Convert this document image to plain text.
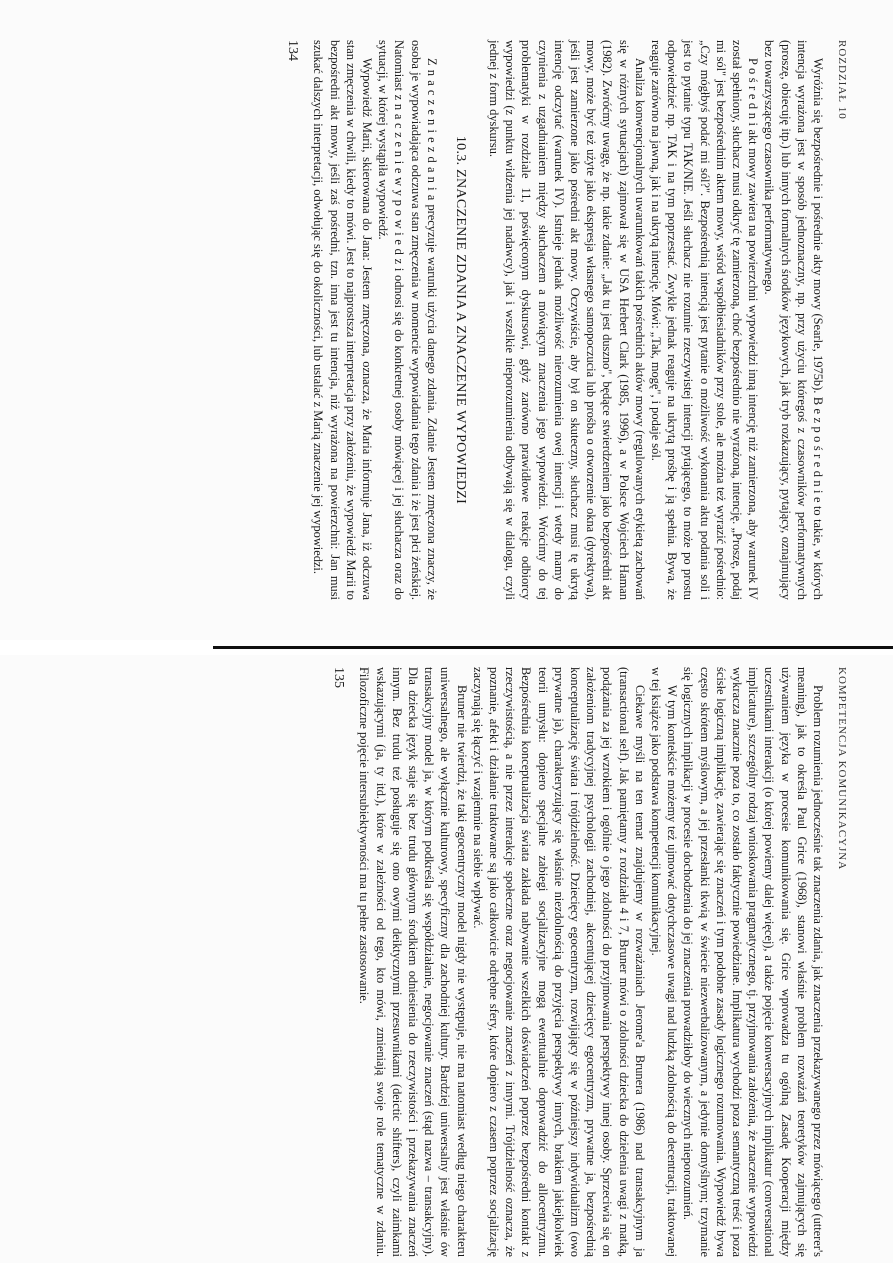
ROZDZIAŁ 10

Wyróżnia się bezpośrednie i pośrednie akty mowy (Searle, 1975b). B e z p o ś r e d n i e to takie, w których intencja wyrażona jest w sposób jednoznaczny, np. przy użyciu któregoś z czasowników performatywnych (proszę, obiecuję itp.) lub innych formalnych środków językowych, jak tryb rozkazujący, pytający, oznajmujący bez towarzyszącego czasownika performatywnego.

P o ś r e d n i akt mowy zawiera na powierzchni wypowiedzi inną intencję niż zamierzona, aby warunek IV został spełniony, słuchacz musi odkryć tę zamierzoną, choć bezpośrednio nie wyrażoną, intencję. „Proszę, podaj mi sól" jest bezpośrednim aktem mowy, wśród współbiesiadników przy stole, ale można też wyrazić pośrednio: „Czy mógłbyś podać mi sól?". Bezpośrednią intencją jest pytanie o możliwość wykonania aktu podania soli i jest to pytanie typu TAK/NIE. Jeśli słuchacz nie rozumie rzeczywistej intencji pytającego, to może po prostu odpowiedzieć np. TAK i na tym poprzestać. Zwykle jednak reaguje na ukrytą prośbę i ją spełnia. Bywa, że reaguje zarówno na jawną, jak i na ukrytą intencję. Mówi: „Tak, mogę", i podaje sól.

Analiza konwencjonalnych uwarunkowań takich pośrednich aktów mowy (regulowanych etykietą zachowań się w różnych sytuacjach) zajmował się w USA Herbert Clark (1985, 1996), a w Polsce Wojciech Haman (1982). Zwróćmy uwagę, że np. takie zdanie: „Jak tu jest duszno", będące stwierdzeniem jako bezpośredni akt mowy, może być też użyte jako ekspresja własnego samopoczucia lub prośba o otworzenie okna (dyrektywa), jeśli jest zamierzone jako pośredni akt mowy. Oczywiście, aby był on skuteczny, słuchacz musi tę ukrytą intencję odczytać (warunek IV). Istnieje jednak możliwość nierozumienia owej intencji i wtedy mamy do czynienia z uzgadnianiem między słuchaczem a mówiącym znaczenia jego wypowiedzi. Wrócimy do tej problematyki w rozdziale 11, poświęconym dyskursowi, gdyż zarówno prawidłowe reakcje odbiorcy wypowiedzi (z punktu widzenia jej nadawcy), jak i wszelkie nieporozumienia odbywają się w dialogu, czyli jednej z form dyskursu.

10.3. ZNACZENIE ZDANIA A ZNACZENIE WYPOWIEDZI

Z n a c z e n i e z d a n i a precyzuje warunki użycia danego zdania. Zdanie Jestem zmęczona znaczy, że osoba je wypowiadająca odczuwa stan zmęczenia w momencie wypowiadania tego zdania i że jest płci żeńskiej. Natomiast z n a c z e n i e w y p o w i e d z i odnosi się do konkretnej osoby mówiącej i jej słuchacza oraz do sytuacji, w której wystąpiła wypowiedź.

Wypowiedź Marii, skierowana do Jana: Jestem zmęczona, oznacza, że Maria informuje Jana, iż odczuwa stan zmęczenia w chwili, kiedy to mówi. Jest to najprostsza interpretacja przy założeniu, że wypowiedź Marii to bezpośredni akt mowy, jeśli zaś pośredni, tzn. inna jest tu intencja, niż wyrażona na powierzchni: Jan musi szukać dalszych interpretacji, odwołując się do okoliczności, lub ustalać z Marią znaczenie jej wypowiedzi.

134
KOMPETENCJA KOMUNIKACYJNA

Problem rozumienia jednocześnie tak znaczenia zdania, jak znaczenia przekazywanego przez mówiącego (utterer's meaning), jak to określa Paul Grice (1968), stanowi właśnie problem rozważań teoretyków zajmujących się używaniem języka w procesie komunikowania się. Grice wprowadza tu ogólną Zasadę Kooperacji między uczestnikami interakcji (o której powiemy dalej więcej), a także pojęcie konwersacyjnych implikatur (conversational implicature), szczególny rodzaj wnioskowania pragmatycznego, tj. przyjmowania założenia, że znaczenie wypowiedzi wykracza znacznie poza to, co zostało faktycznie powiedziane. Implikatura wychodzi poza semantyczną treść i poza ścisłe logiczną implikację, zawierając się znaczeń i tym podobne zasady logicznego rozumowania. Wypowiedź bywa często skrótem myślowym, a jej przesłanki tkwią w świecie niezwerbalizowanym, a jedynie domyślnym; trzymanie się logicznych implikacji w procesie dochodzenia do jej znaczenia prowadziłoby do wiecznych nieporozumień.

W tym kontekście możemy też ujmować dotychczasowe uwagi nad ludzką zdolnością do decentracji, traktowanej w tej książce jako podstawa kompetencji komunikacyjnej.

Ciekawe myśli na ten temat znajdujemy w rozważaniach Jerome'a Brunera (1986) nad transakcyjnym ja (transactional self). Jak pamiętamy z rozdziału 4 i 7, Bruner mówi o zdolności dziecka do dzielenia uwagi z matką, podążania za jej wzrokiem i ogólnie o jego zdolności do przyjmowania perspektywy innej osoby. Sprzeciwia się on założeniom tradycyjnej psychologii zachodniej, akcentującej dziecięcy egocentryzm, prywatne ja, bezpośrednią konceptualizację świata i trójdzielność. Dziecięcy egocentryzm, rozwijający się w późniejszy indywidualizm (owo prywatne ja), charakteryzujący się właśnie niezdolnością do przyjęcia perspektywy innych, brakiem jakiejkolwiek teorii umysłu: dopiero specjalne zabiegi socjalizacyjne mogą ewentualnie doprowadzić do allocentryzmu. Bezpośrednia konceptualizacja świata zakłada nabywanie wszelkich doświadczeń poprzez bezpośredni kontakt z rzeczywistością, a nie przez interakcje społeczne oraz negocjowanie znaczeń z innymi. Trójdzielność oznacza, że poznanie, afekt i działanie traktowane są jako całkowicie odrębne sfery, które dopiero z czasem poprzez socjalizację zaczynają się łączyć i wzajemnie na siebie wpływać.

Bruner nie twierdzi, że taki egocentryczny model nigdy nie występuje, nie ma natomiast według niego charakteru uniwersalnego, ale wyłącznie kulturowy, specyficzny dla zachodniej kultury. Bardziej uniwersalny jest właśnie ów transakcyjny model ja, w którym podkreśla się współdziałanie, negocjowanie znaczeń (stąd nazwa – transakcyjny). Dla dziecka język staje się bez trudu głównym środkiem odniesienia do rzeczywistości i przekazywania znaczeń innym. Bez trudu też posługuje się ono owymi deiktycznymi przesuwnikami (deictic shifters), czyli zaimkami wskazującymi (ja, ty itd.), które w zależności od tego, kto mówi, zmieniają swoje role tematyczne w zdaniu. Filozoficzne pojęcie intersubiektywności ma tu pełne zastosowanie.

135
